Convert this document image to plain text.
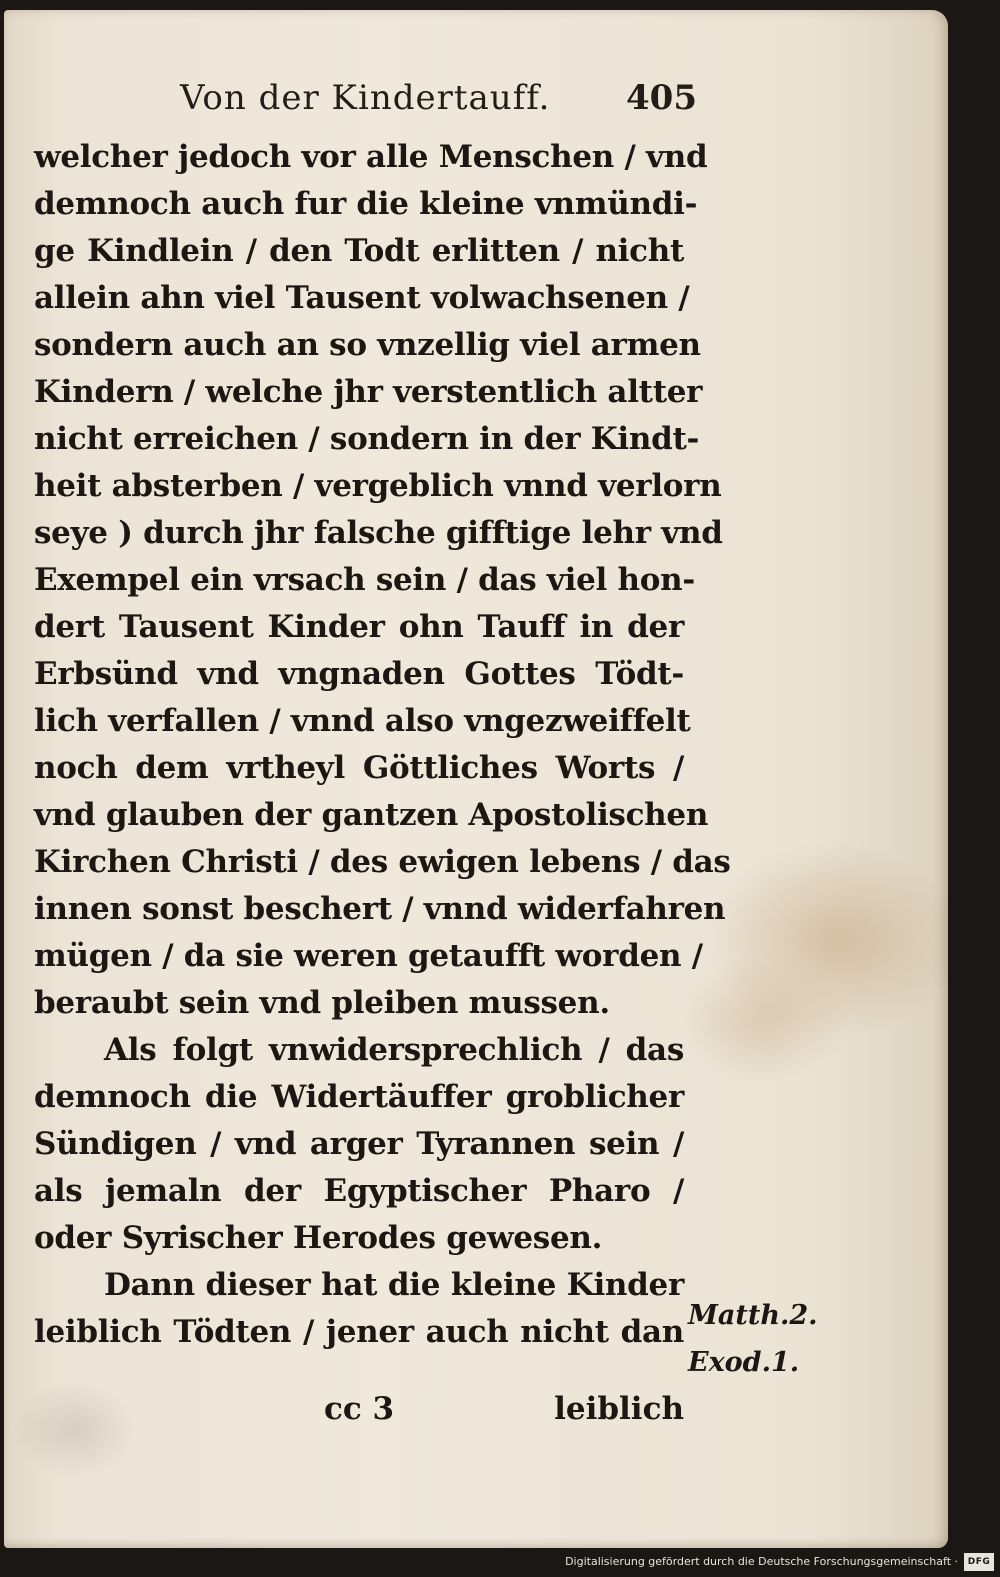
Von der Kindertauff. 405
welcher jedoch vor alle Menschen / vnd
demnoch auch fur die kleine vnmündi-
ge Kindlein / den Todt erlitten / nicht
allein ahn viel Tausent volwachsenen /
sondern auch an so vnzellig viel armen
Kindern / welche jhr verstentlich altter
nicht erreichen / sondern in der Kindt-
heit absterben / vergeblich vnnd verlorn
seye ) durch jhr falsche gifftige lehr vnd
Exempel ein vrsach sein / das viel hon-
dert Tausent Kinder ohn Tauff in der
Erbsünd vnd vngnaden Gottes Tödt-
lich verfallen / vnnd also vngezweiffelt
noch dem vrtheyl Göttliches Worts /
vnd glauben der gantzen Apostolischen
Kirchen Christi / des ewigen lebens / das
innen sonst beschert / vnnd widerfahren
mügen / da sie weren getaufft worden /
beraubt sein vnd pleiben mussen.
Als folgt vnwidersprechlich / das
demnoch die Widertäuffer groblicher
Sündigen / vnd arger Tyrannen sein /
als jemaln der Egyptischer Pharo /
oder Syrischer Herodes gewesen.
Dann dieser hat die kleine Kinder
leiblich Tödten / jener auch nicht dan Matth.2.
Exod.1.
cc 3	leiblich
Digitalisierung gefördert durch die Deutsche Forschungsgemeinschaft ·	DFG
